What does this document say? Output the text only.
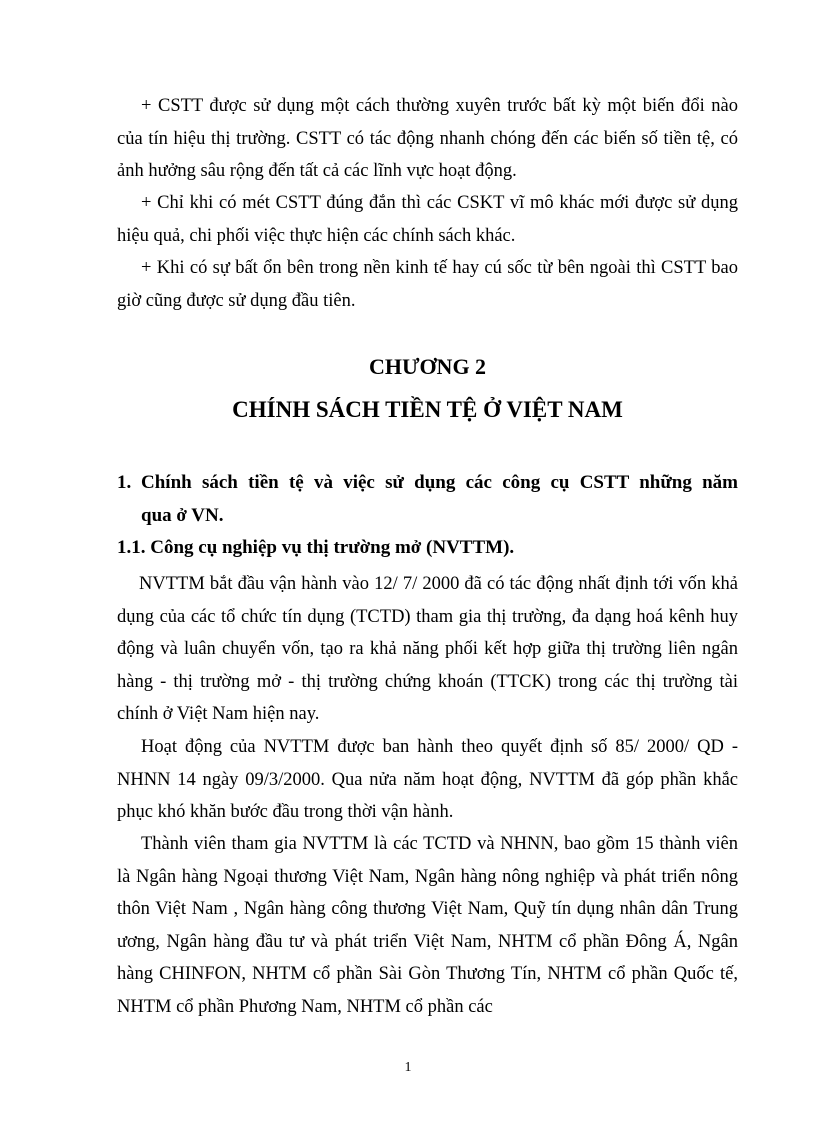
+ CSTT được sử dụng một cách thường xuyên trước bất kỳ một biến đổi nào của tín hiệu thị trường. CSTT có tác động nhanh chóng đến các biến số tiền tệ, có ảnh hưởng sâu rộng đến tất cả các lĩnh vực hoạt động.

+ Chỉ khi có mét CSTT đúng đắn thì các CSKT vĩ mô khác mới được sử dụng hiệu quả, chi phối việc thực hiện các chính sách khác.

+ Khi có sự bất ổn bên trong nền kinh tế hay cú sốc từ bên ngoài thì CSTT bao giờ cũng được sử dụng đầu tiên.

CHƯƠNG 2

CHÍNH SÁCH TIỀN TỆ Ở VIỆT NAM

1. Chính sách tiền tệ và việc sử dụng các công cụ CSTT những năm
qua ở VN.

1.1. Công cụ nghiệp vụ thị trường mở (NVTTM).

NVTTM bắt đầu vận hành vào 12/ 7/ 2000 đã có tác động nhất định tới vốn khả dụng của các tổ chức tín dụng (TCTD) tham gia thị trường, đa dạng hoá kênh huy động và luân chuyển vốn, tạo ra khả năng phối kết hợp giữa thị trường liên ngân hàng - thị trường mở - thị trường chứng khoán (TTCK) trong các thị trường tài chính ở Việt Nam hiện nay.

Hoạt động của NVTTM được ban hành theo quyết định số 85/ 2000/ QD - NHNN 14 ngày 09/3/2000. Qua nửa năm hoạt động, NVTTM đã góp phần khắc phục khó khăn bước đầu trong thời vận hành.

Thành viên tham gia NVTTM là các TCTD và NHNN, bao gồm 15 thành viên là Ngân hàng Ngoại thương Việt Nam, Ngân hàng nông nghiệp và phát triển nông thôn Việt Nam , Ngân hàng công thương Việt Nam, Quỹ tín dụng nhân dân Trung ương, Ngân hàng đầu tư và phát triển Việt Nam, NHTM cổ phần Đông Á, Ngân hàng CHINFON, NHTM cổ phần Sài Gòn Thương Tín, NHTM cổ phần Quốc tế, NHTM cổ phần Phương Nam, NHTM cổ phần các

1
